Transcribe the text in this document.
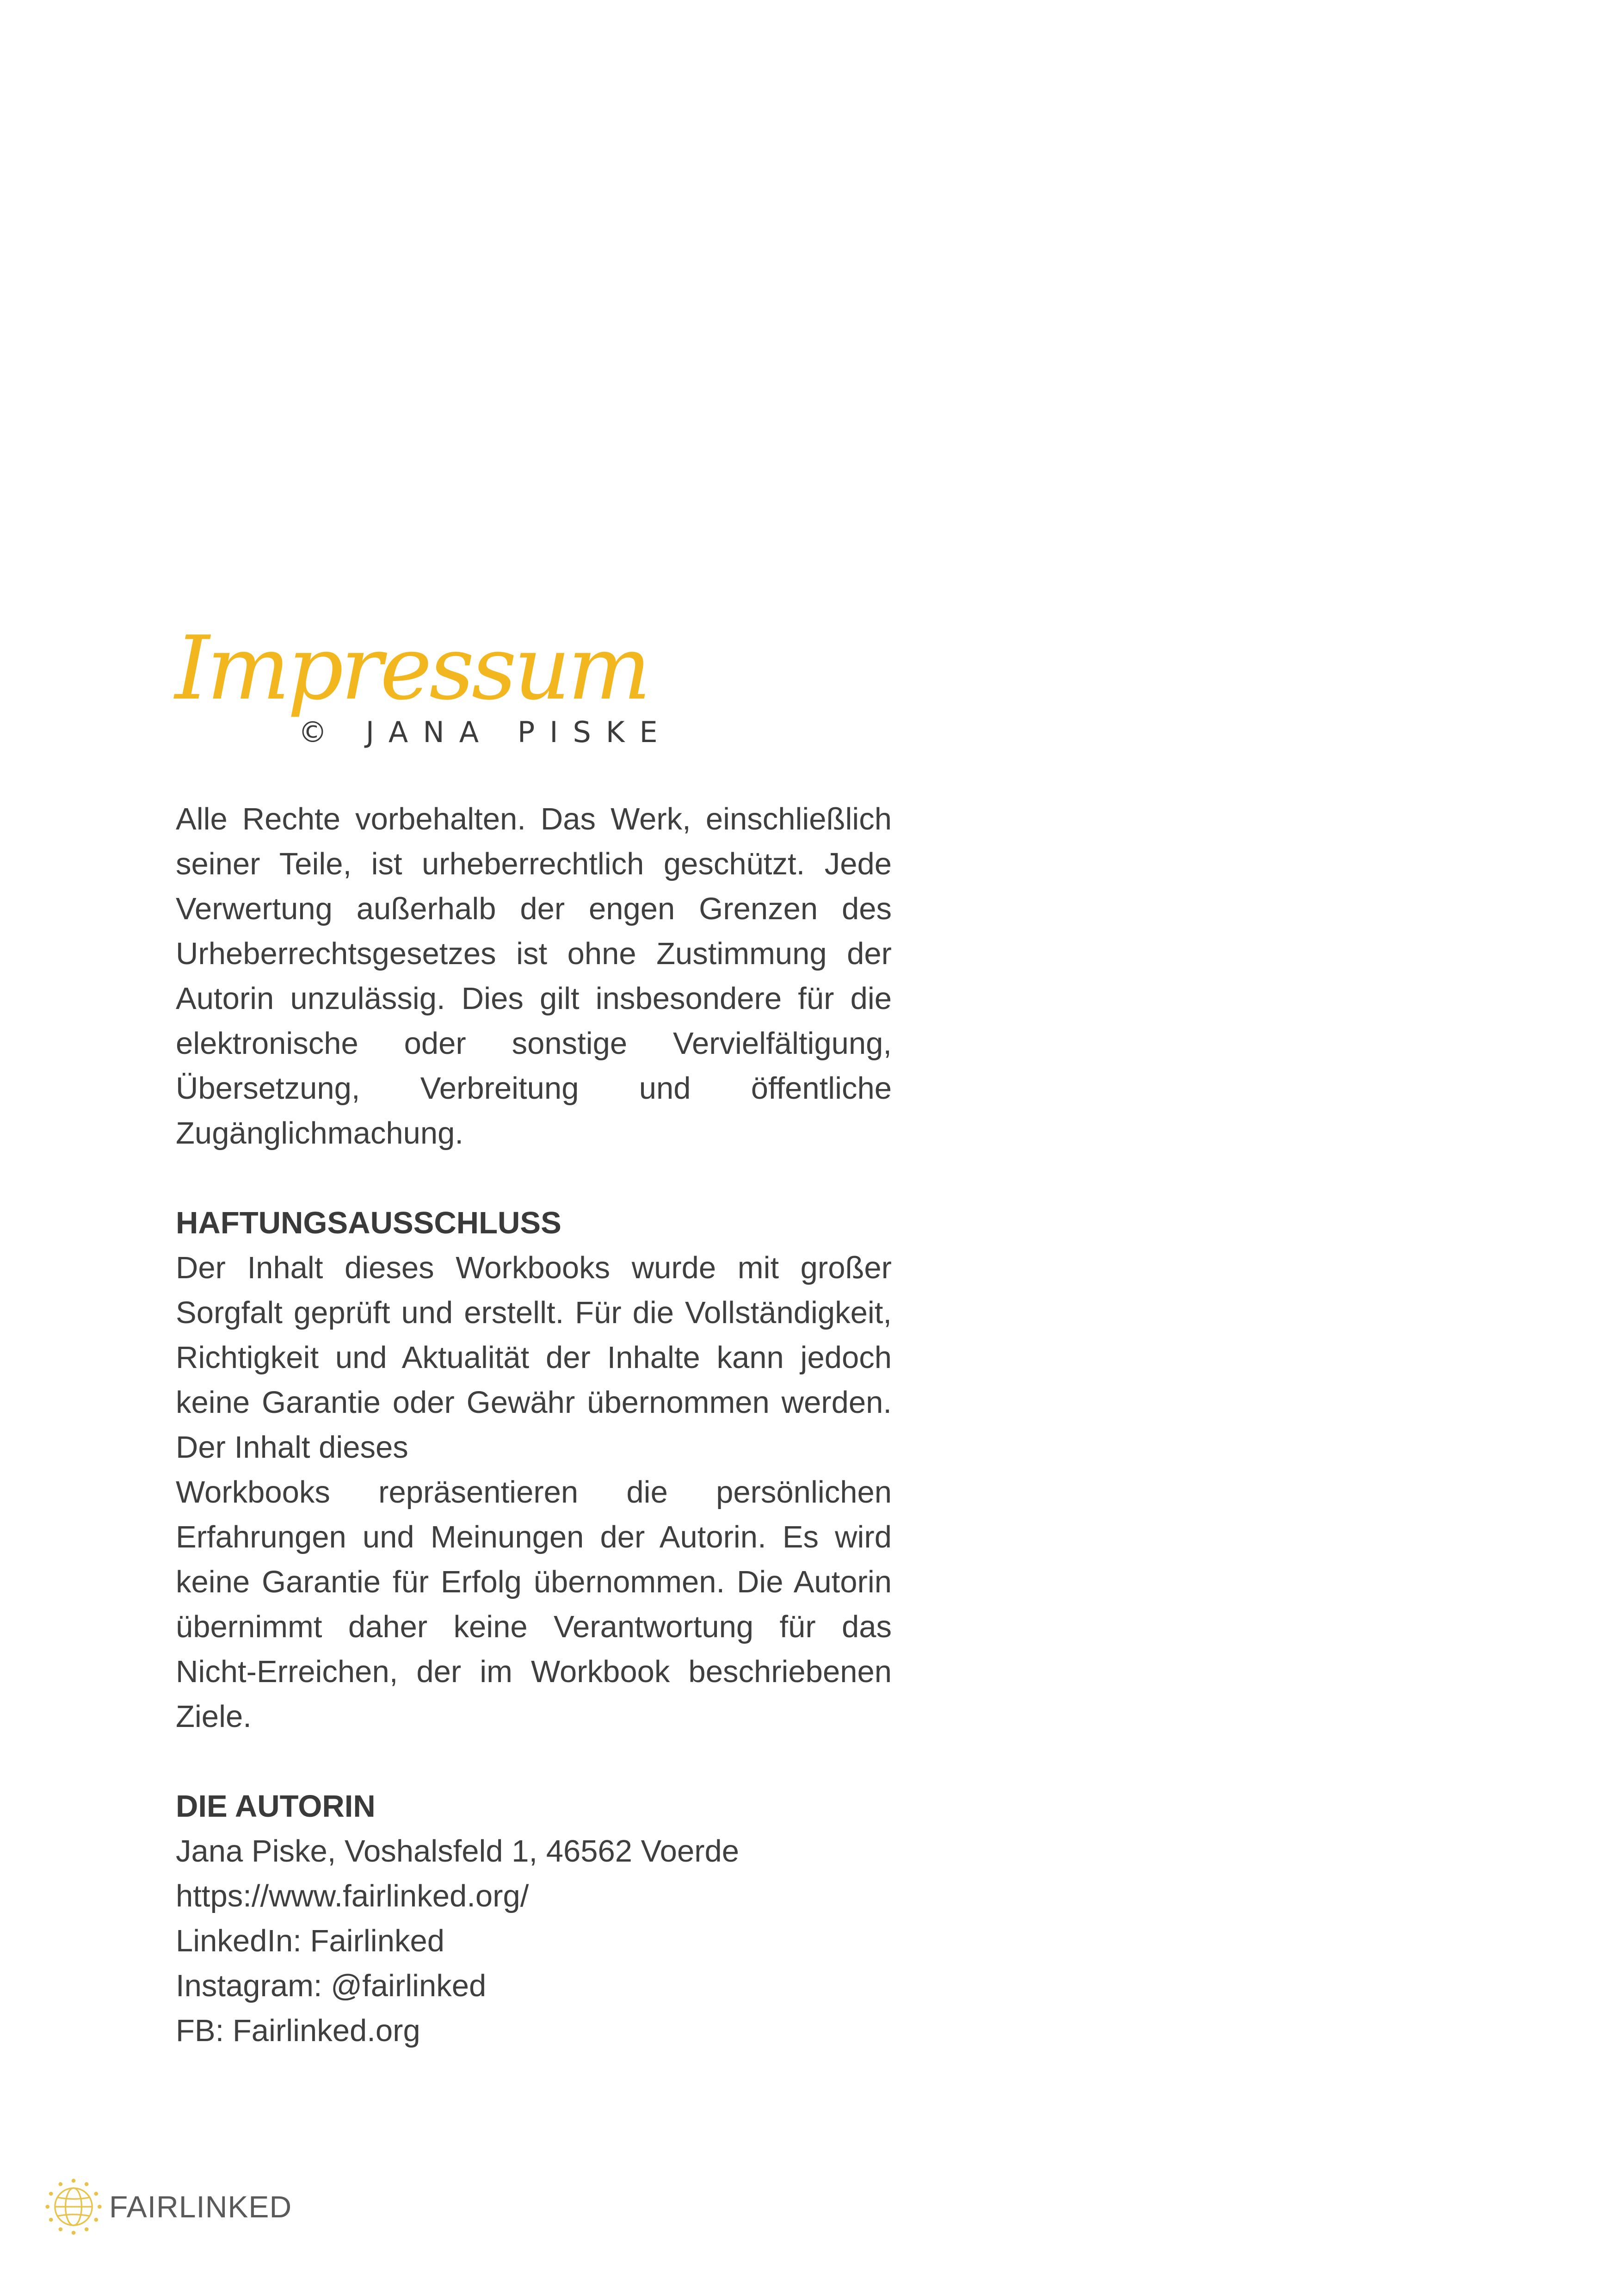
Impressum
© JANA PISKE

Alle Rechte vorbehalten. Das Werk, einschließlich seiner Teile, ist urheberrechtlich geschützt. Jede Verwertung außerhalb der engen Grenzen des Urheberrechtsgesetzes ist ohne Zustimmung der Autorin unzulässig. Dies gilt insbesondere für die elektronische oder sonstige Vervielfältigung, Übersetzung, Verbreitung und öffentliche Zugänglichmachung.

HAFTUNGSAUSSCHLUSS

Der Inhalt dieses Workbooks wurde mit großer Sorgfalt geprüft und erstellt. Für die Vollständigkeit, Richtigkeit und Aktualität der Inhalte kann jedoch keine Garantie oder Gewähr übernommen werden. Der Inhalt dieses

Workbooks repräsentieren die persönlichen Erfahrungen und Meinungen der Autorin. Es wird keine Garantie für Erfolg übernommen. Die Autorin übernimmt daher keine Verantwortung für das Nicht-Erreichen, der im Workbook beschriebenen Ziele.

DIE AUTORIN
Jana Piske, Voshalsfeld 1, 46562 Voerde
https://www.fairlinked.org/
LinkedIn: Fairlinked
Instagram: @fairlinked
FB: Fairlinked.org
FAIRLINKED
